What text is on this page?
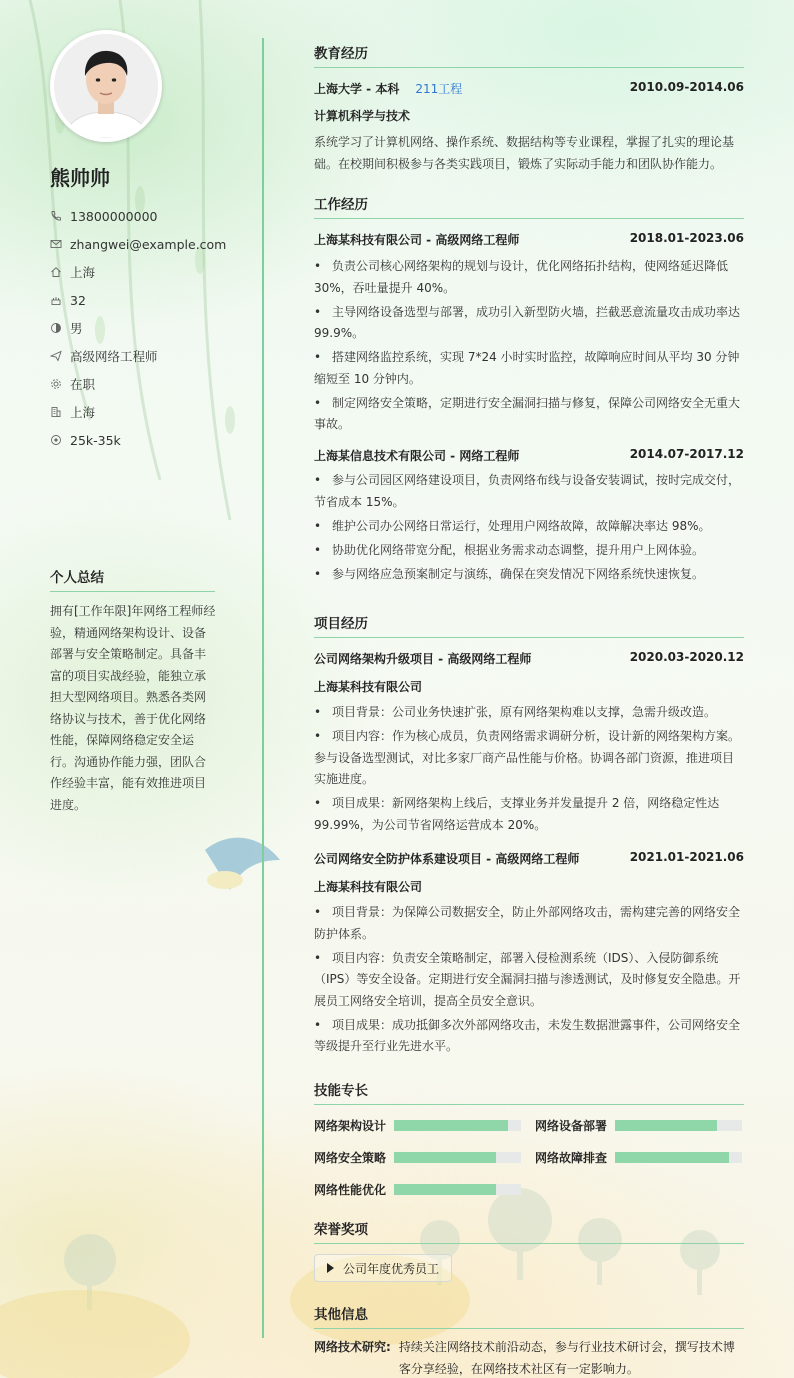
熊帅帅
13800000000
zhangwei@example.com
上海
32
男
高级网络工程师
在职
上海
25k-35k
个人总结
拥有[工作年限]年网络工程师经验，精通网络架构设计、设备部署与安全策略制定。具备丰富的项目实战经验，能独立承担大型网络项目。熟悉各类网络协议与技术，善于优化网络性能，保障网络稳定安全运行。沟通协作能力强，团队合作经验丰富，能有效推进项目进度。
教育经历
上海大学 - 本科 211工程	2010.09-2014.06
计算机科学与技术
系统学习了计算机网络、操作系统、数据结构等专业课程，掌握了扎实的理论基础。在校期间积极参与各类实践项目，锻炼了实际动手能力和团队协作能力。
工作经历
上海某科技有限公司 - 高级网络工程师	2018.01-2023.06
• 负责公司核心网络架构的规划与设计，优化网络拓扑结构，使网络延迟降低30%，吞吐量提升 40%。
• 主导网络设备选型与部署，成功引入新型防火墙，拦截恶意流量攻击成功率达99.9%。
• 搭建网络监控系统，实现 7*24 小时实时监控，故障响应时间从平均 30 分钟缩短至 10 分钟内。
• 制定网络安全策略，定期进行安全漏洞扫描与修复，保障公司网络安全无重大事故。
上海某信息技术有限公司 - 网络工程师	2014.07-2017.12
• 参与公司园区网络建设项目，负责网络布线与设备安装调试，按时完成交付，节省成本 15%。
• 维护公司办公网络日常运行，处理用户网络故障，故障解决率达 98%。
• 协助优化网络带宽分配，根据业务需求动态调整，提升用户上网体验。
• 参与网络应急预案制定与演练，确保在突发情况下网络系统快速恢复。
项目经历
公司网络架构升级项目 - 高级网络工程师	2020.03-2020.12
上海某科技有限公司
• 项目背景：公司业务快速扩张，原有网络架构难以支撑，急需升级改造。
• 项目内容：作为核心成员，负责网络需求调研分析，设计新的网络架构方案。参与设备选型测试，对比多家厂商产品性能与价格。协调各部门资源，推进项目实施进度。
• 项目成果：新网络架构上线后，支撑业务并发量提升 2 倍，网络稳定性达99.99%，为公司节省网络运营成本 20%。
公司网络安全防护体系建设项目 - 高级网络工程师	2021.01-2021.06
上海某科技有限公司
• 项目背景：为保障公司数据安全，防止外部网络攻击，需构建完善的网络安全防护体系。
• 项目内容：负责安全策略制定，部署入侵检测系统（IDS）、入侵防御系统（IPS）等安全设备。定期进行安全漏洞扫描与渗透测试，及时修复安全隐患。开展员工网络安全培训，提高全员安全意识。
• 项目成果：成功抵御多次外部网络攻击，未发生数据泄露事件，公司网络安全等级提升至行业先进水平。
技能专长
网络架构设计	网络设备部署
网络安全策略	网络故障排查
网络性能优化
荣誉奖项
公司年度优秀员工
其他信息
网络技术研究: 持续关注网络技术前沿动态，参与行业技术研讨会，撰写技术博客分享经验，在网络技术社区有一定影响力。
